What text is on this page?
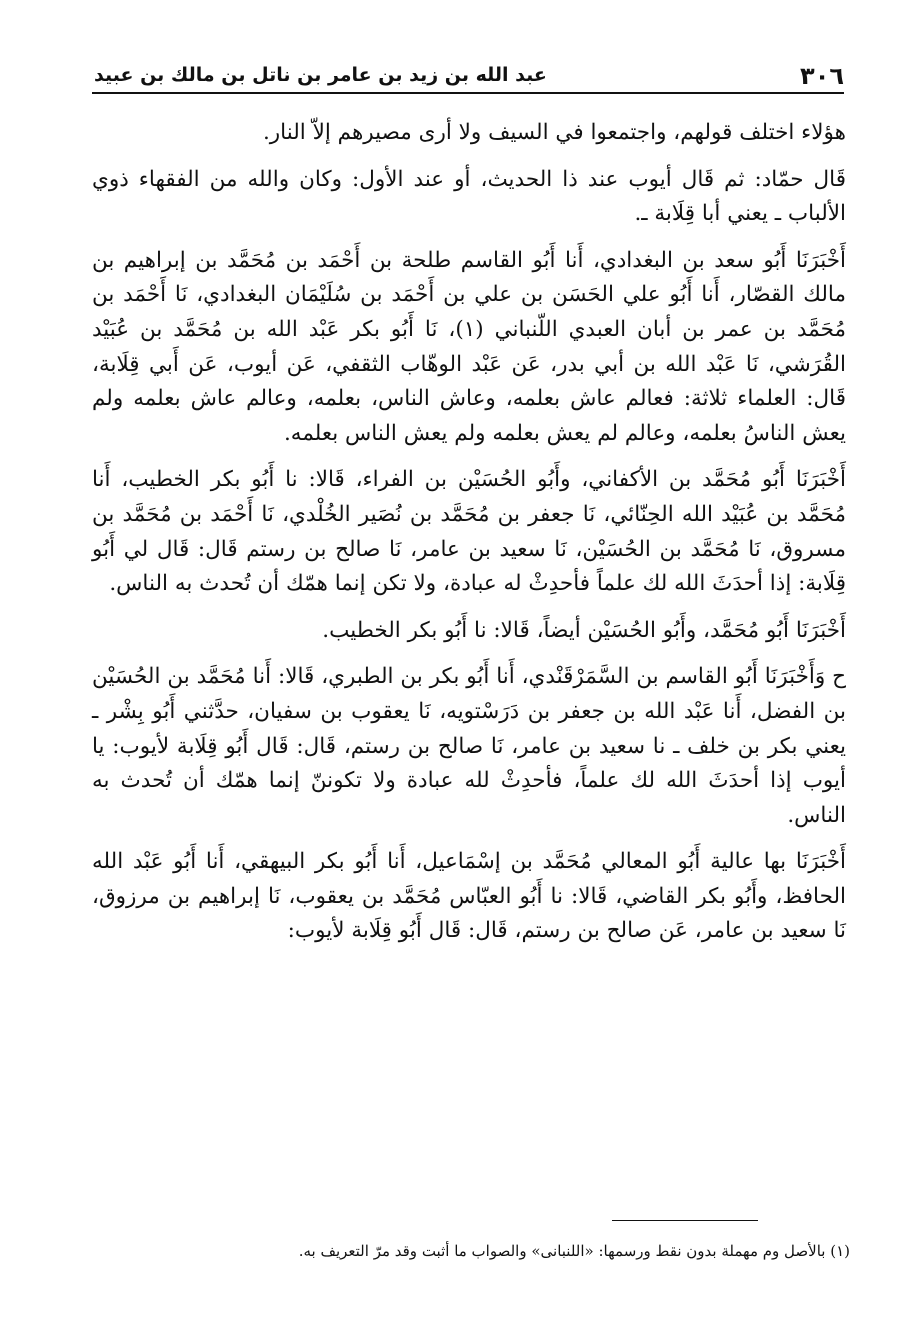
٣٠٦
عبد الله بن زيد بن عامر بن ناتل بن مالك بن عبيد

هؤلاء اختلف قولهم، واجتمعوا في السيف ولا أرى مصيرهم إلاّ النار.

قَال حمّاد: ثم قَال أيوب عند ذا الحديث، أو عند الأول: وكان والله من الفقهاء ذوي الألباب ـ يعني أبا قِلَابة ـ.

أَخْبَرَنَا أَبُو سعد بن البغدادي، أَنا أَبُو القاسم طلحة بن أَحْمَد بن مُحَمَّد بن إبراهيم بن مالك القصّار، أَنا أَبُو علي الحَسَن بن علي بن أَحْمَد بن سُلَيْمَان البغدادي، نَا أَحْمَد بن مُحَمَّد بن عمر بن أبان العبدي اللّنباني (١)، نَا أَبُو بكر عَبْد الله بن مُحَمَّد بن عُبَيْد القُرَشي، نَا عَبْد الله بن أبي بدر، عَن عَبْد الوهّاب الثقفي، عَن أيوب، عَن أَبي قِلَابة، قَال: العلماء ثلاثة: فعالم عاش بعلمه، وعاش الناس، بعلمه، وعالم عاش بعلمه ولم يعش الناسُ بعلمه، وعالم لم يعش بعلمه ولم يعش الناس بعلمه.

أَخْبَرَنَا أَبُو مُحَمَّد بن الأكفاني، وأَبُو الحُسَيْن بن الفراء، قَالا: نا أَبُو بكر الخطيب، أَنا مُحَمَّد بن عُبَيْد الله الحِنّائي، نَا جعفر بن مُحَمَّد بن نُصَير الخُلْدي، نَا أَحْمَد بن مُحَمَّد بن مسروق، نَا مُحَمَّد بن الحُسَيْن، نَا سعيد بن عامر، نَا صالح بن رستم قَال: قَال لي أَبُو قِلَابة: إذا أحدَثَ الله لك علماً فأحدِثْ له عبادة، ولا تكن إنما همّك أن تُحدث به الناس.

أَخْبَرَنَا أَبُو مُحَمَّد، وأَبُو الحُسَيْن أيضاً، قَالا: نا أَبُو بكر الخطيب.

ح وَأَخْبَرَنَا أَبُو القاسم بن السَّمَرْقَنْدي، أَنا أَبُو بكر بن الطبري، قَالا: أَنا مُحَمَّد بن الحُسَيْن بن الفضل، أَنا عَبْد الله بن جعفر بن دَرَسْتويه، نَا يعقوب بن سفيان، حدَّثني أَبُو بِشْر ـ يعني بكر بن خلف ـ نا سعيد بن عامر، نَا صالح بن رستم، قَال: قَال أَبُو قِلَابة لأيوب: يا أيوب إذا أحدَثَ الله لك علماً، فأحدِثْ لله عبادة ولا تكوننّ إنما همّك أن تُحدث به الناس.

أَخْبَرَنَا بها عالية أَبُو المعالي مُحَمَّد بن إسْمَاعيل، أَنا أَبُو بكر البيهقي، أَنا أَبُو عَبْد الله الحافظ، وأَبُو بكر القاضي، قَالا: نا أَبُو العبّاس مُحَمَّد بن يعقوب، نَا إبراهيم بن مرزوق، نَا سعيد بن عامر، عَن صالح بن رستم، قَال: قَال أَبُو قِلَابة لأيوب:

(١) بالأصل وم مهملة بدون نقط ورسمها: «اللنبانى» والصواب ما أثبت وقد مرّ التعريف به.
